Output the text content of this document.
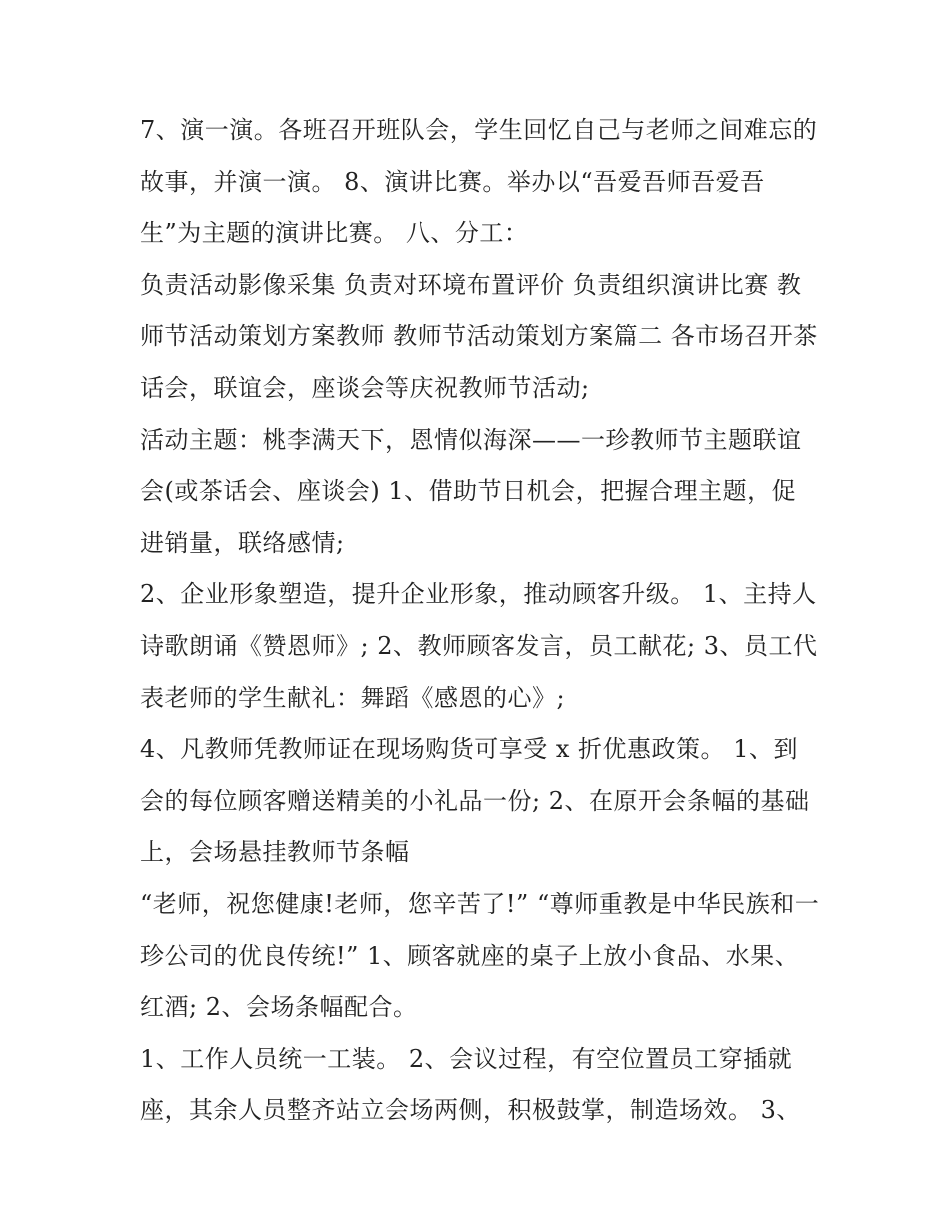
7、演一演。各班召开班队会，学生回忆自己与老师之间难忘的故事，并演一演。 8、演讲比赛。举办以“吾爱吾师吾爱吾生”为主题的演讲比赛。 八、分工：

负责活动影像采集 负责对环境布置评价 负责组织演讲比赛 教师节活动策划方案教师 教师节活动策划方案篇二 各市场召开茶话会，联谊会，座谈会等庆祝教师节活动;

活动主题：桃李满天下，恩情似海深——一珍教师节主题联谊会(或茶话会、座谈会) 1、借助节日机会，把握合理主题，促进销量，联络感情;

2、企业形象塑造，提升企业形象，推动顾客升级。 1、主持人诗歌朗诵《赞恩师》; 2、教师顾客发言，员工献花; 3、员工代表老师的学生献礼：舞蹈《感恩的心》;

4、凡教师凭教师证在现场购货可享受 x 折优惠政策。 1、到会的每位顾客赠送精美的小礼品一份; 2、在原开会条幅的基础上，会场悬挂教师节条幅

“老师，祝您健康!老师，您辛苦了!” “尊师重教是中华民族和一珍公司的优良传统!” 1、顾客就座的桌子上放小食品、水果、红酒; 2、会场条幅配合。

1、工作人员统一工装。 2、会议过程，有空位置员工穿插就座，其余人员整齐站立会场两侧，积极鼓掌，制造场效。 3、
